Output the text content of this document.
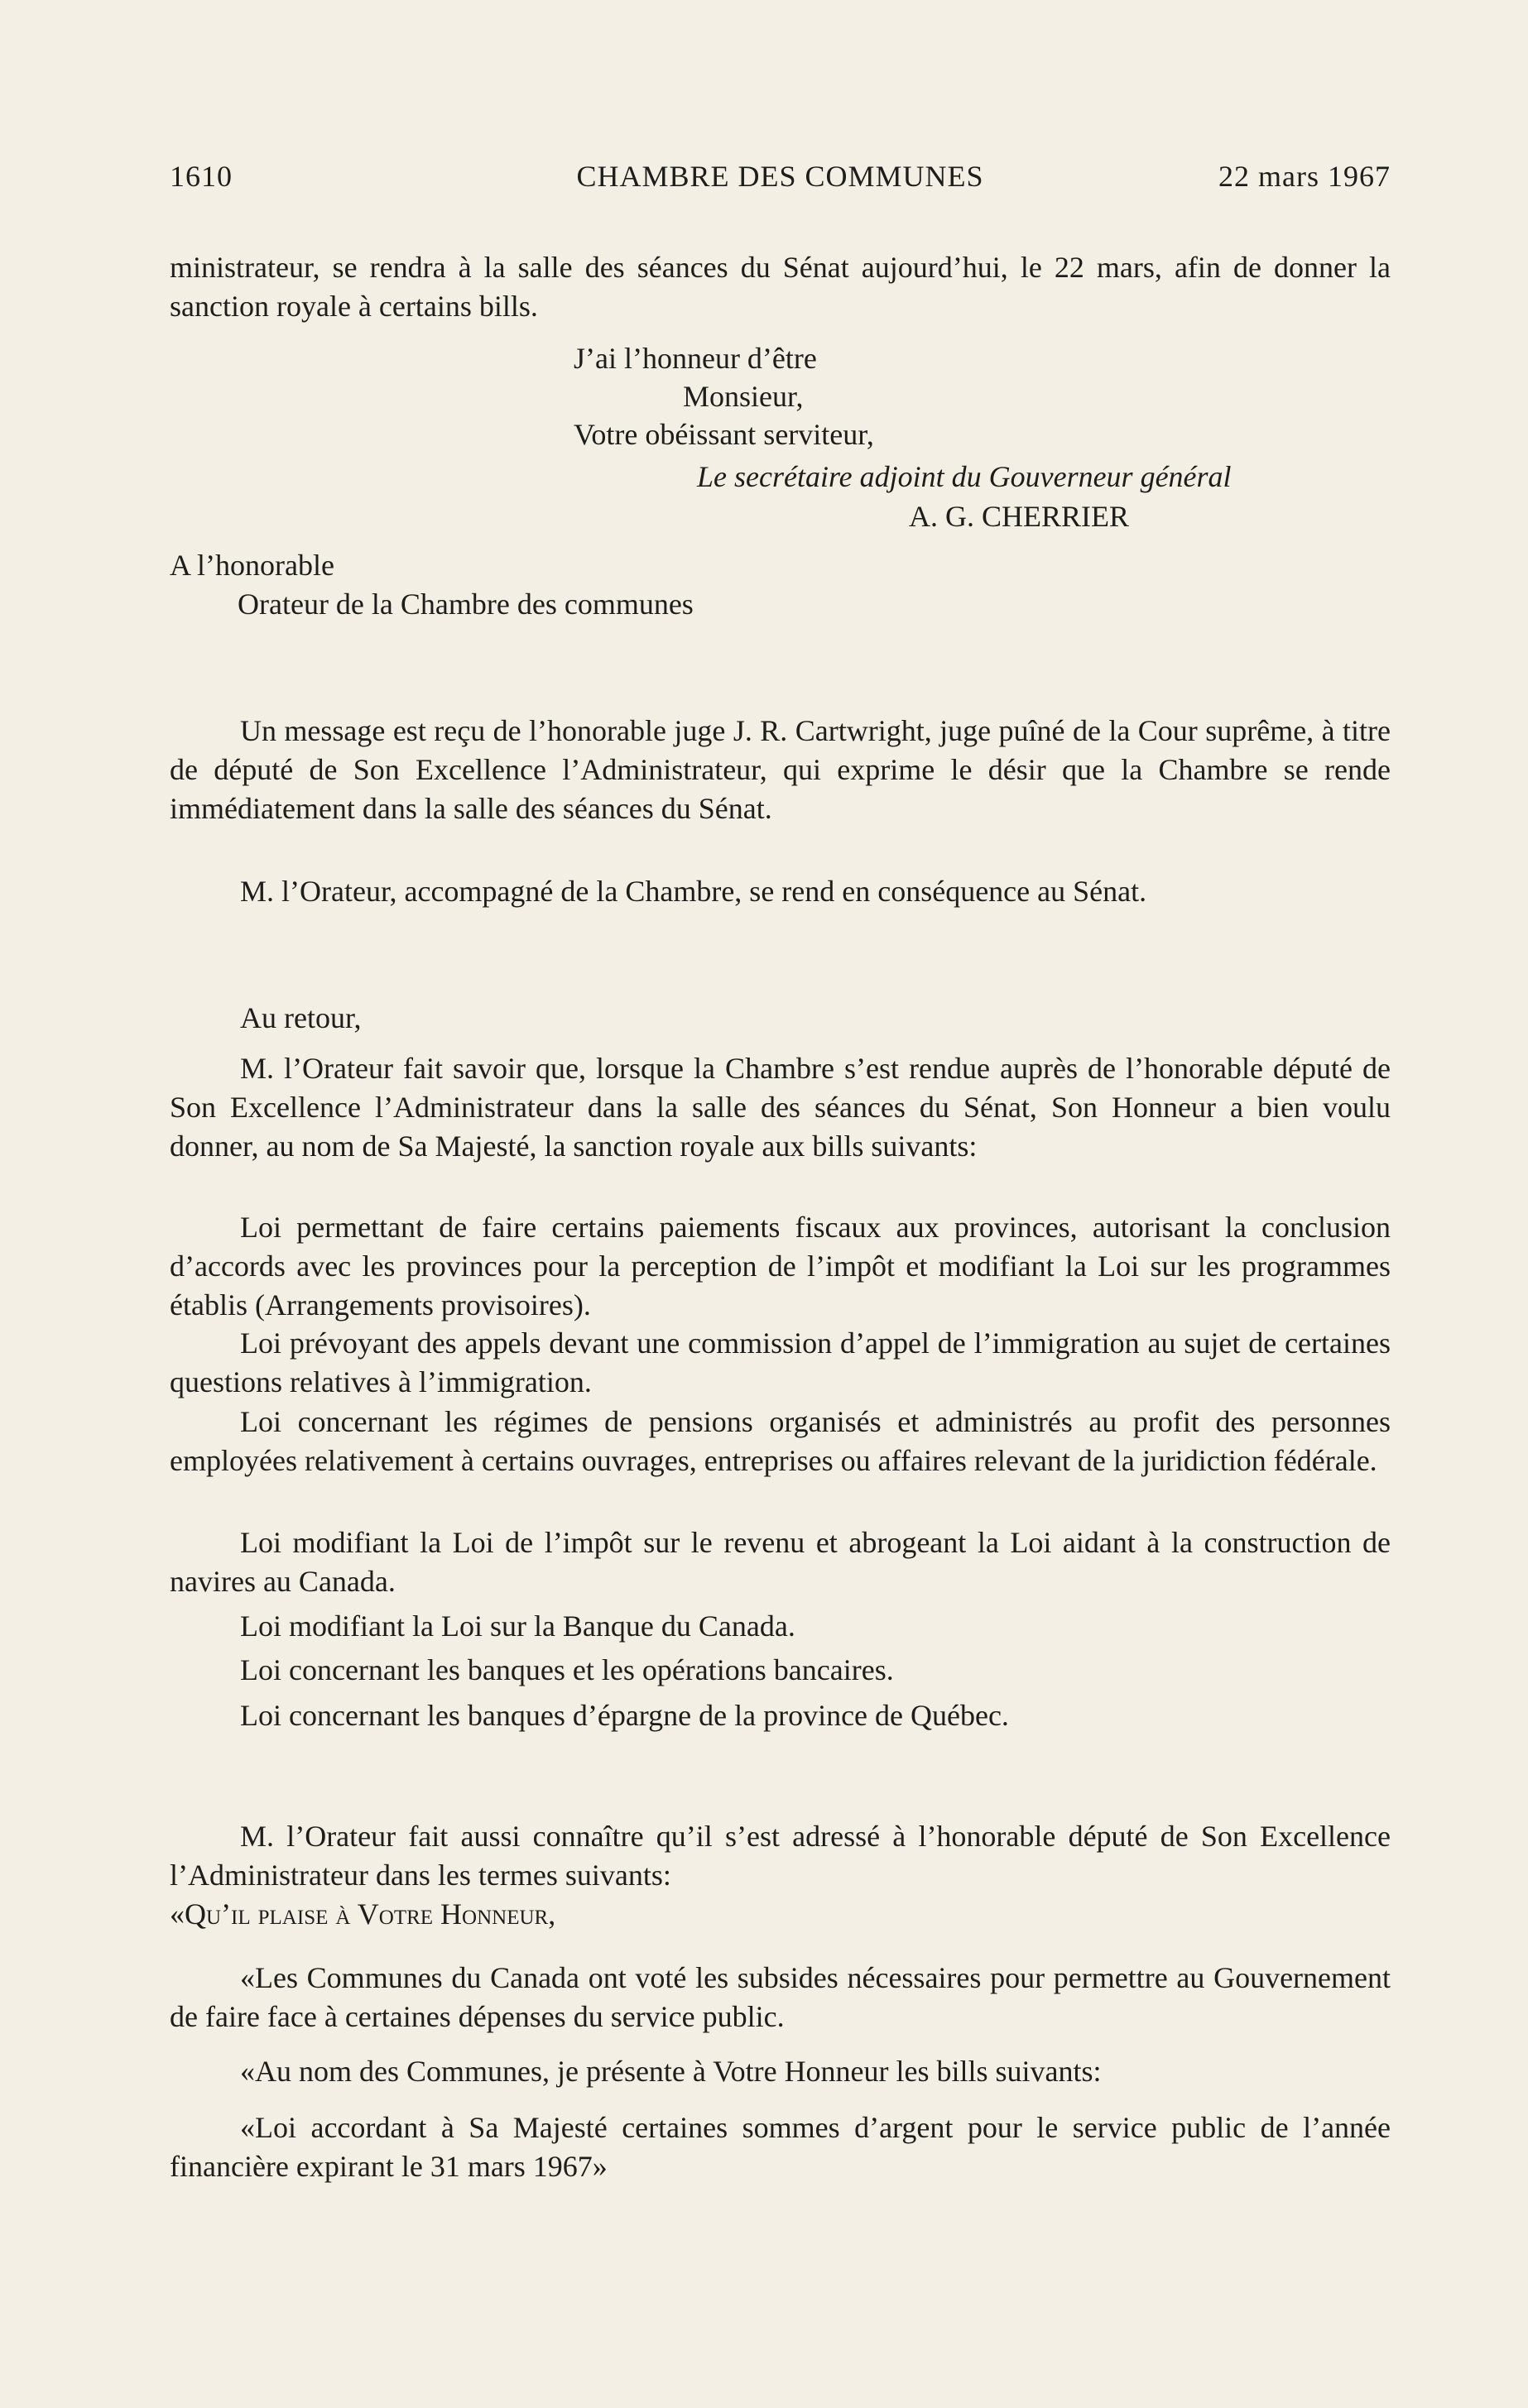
1610	CHAMBRE DES COMMUNES	22 mars 1967

ministrateur, se rendra à la salle des séances du Sénat aujourd’hui, le 22 mars, afin de donner la sanction royale à certains bills.

J’ai l’honneur d’être
Monsieur,
Votre obéissant serviteur,
Le secrétaire adjoint du Gouverneur général
A. G. CHERRIER
A l’honorable
Orateur de la Chambre des communes

Un message est reçu de l’honorable juge J. R. Cartwright, juge puîné de la Cour suprême, à titre de député de Son Excellence l’Administrateur, qui exprime le désir que la Chambre se rende immédiatement dans la salle des séances du Sénat.

M. l’Orateur, accompagné de la Chambre, se rend en conséquence au Sénat.

Au retour,

M. l’Orateur fait savoir que, lorsque la Chambre s’est rendue auprès de l’honorable député de Son Excellence l’Administrateur dans la salle des séances du Sénat, Son Honneur a bien voulu donner, au nom de Sa Majesté, la sanction royale aux bills suivants:

Loi permettant de faire certains paiements fiscaux aux provinces, autorisant la conclusion d’accords avec les provinces pour la perception de l’impôt et modifiant la Loi sur les programmes établis (Arrangements provisoires).

Loi prévoyant des appels devant une commission d’appel de l’immigration au sujet de certaines questions relatives à l’immigration.

Loi concernant les régimes de pensions organisés et administrés au profit des personnes employées relativement à certains ouvrages, entreprises ou affaires relevant de la juridiction fédérale.

Loi modifiant la Loi de l’impôt sur le revenu et abrogeant la Loi aidant à la construction de navires au Canada.

Loi modifiant la Loi sur la Banque du Canada.

Loi concernant les banques et les opérations bancaires.

Loi concernant les banques d’épargne de la province de Québec.

M. l’Orateur fait aussi connaître qu’il s’est adressé à l’honorable député de Son Excellence l’Administrateur dans les termes suivants:

«Qu’il plaise à Votre Honneur,

«Les Communes du Canada ont voté les subsides nécessaires pour permettre au Gouvernement de faire face à certaines dépenses du service public.

«Au nom des Communes, je présente à Votre Honneur les bills suivants:

«Loi accordant à Sa Majesté certaines sommes d’argent pour le service public de l’année financière expirant le 31 mars 1967»
